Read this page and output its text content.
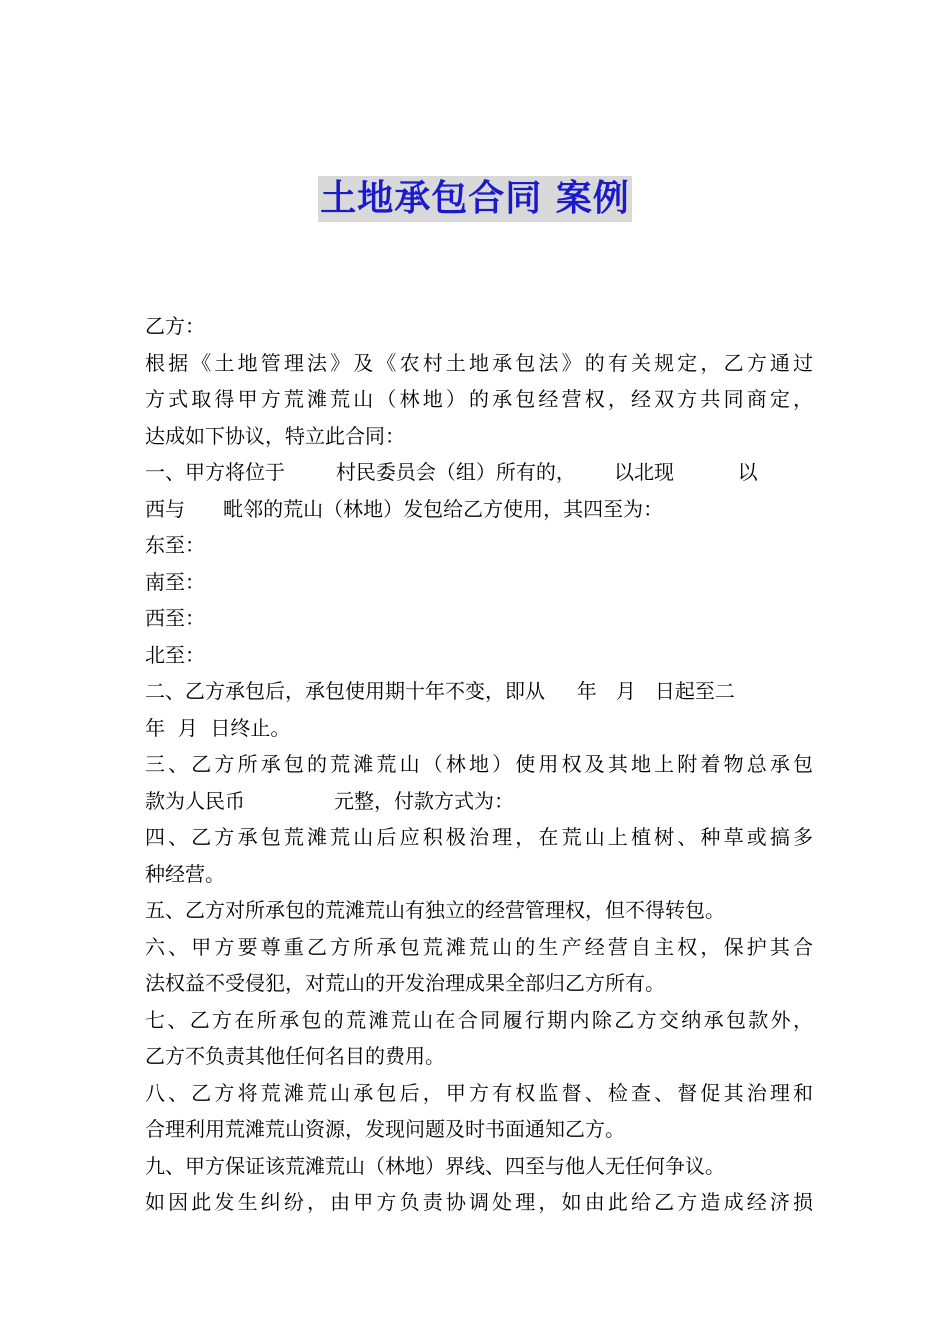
土地承包合同 案例
乙方：
根据《土地管理法》及《农村土地承包法》的有关规定，乙方通过
方式取得甲方荒滩荒山（林地）的承包经营权，经双方共同商定，
达成如下协议，特立此合同：
一、甲方将位于        村民委员会（组）所有的，      以北现          以
西与      毗邻的荒山（林地）发包给乙方使用，其四至为：
东至：
南至：
西至：
北至：
二、乙方承包后，承包使用期十年不变，即从     年   月   日起至二
年  月  日终止。
三、乙方所承包的荒滩荒山（林地）使用权及其地上附着物总承包
款为人民币              元整，付款方式为：
四、乙方承包荒滩荒山后应积极治理，在荒山上植树、种草或搞多
种经营。
五、乙方对所承包的荒滩荒山有独立的经营管理权，但不得转包。
六、甲方要尊重乙方所承包荒滩荒山的生产经营自主权，保护其合
法权益不受侵犯，对荒山的开发治理成果全部归乙方所有。
七、乙方在所承包的荒滩荒山在合同履行期内除乙方交纳承包款外，
乙方不负责其他任何名目的费用。
八、乙方将荒滩荒山承包后，甲方有权监督、检查、督促其治理和
合理利用荒滩荒山资源，发现问题及时书面通知乙方。
九、甲方保证该荒滩荒山（林地）界线、四至与他人无任何争议。
如因此发生纠纷，由甲方负责协调处理，如由此给乙方造成经济损
